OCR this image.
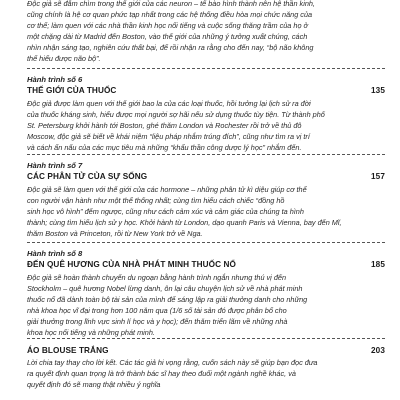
Độc giả sẽ đắm chìm trong thế giới của các neuron – tế bào hình thành nên hệ thần kinh,

cũng chính là hệ cơ quan phức tạp nhất trong các hệ thống điều hòa mọi chức năng của

cơ thể; làm quen với các nhà thần kinh học nổi tiếng và cuộc sống thăng trầm của họ ở

một chặng dài từ Madrid đến Boston, vào thế giới của những ý tưởng xuất chúng, cách

nhìn nhận sáng tạo, nghiên cứu thất bại, để rồi nhận ra rằng cho đến nay, “bộ não không

thể hiểu được não bộ”.

Hành trình số 6

THẾ GIỚI CỦA THUỐC	135

Độc giả được làm quen với thế giới bao la của các loại thuốc, hồi tưởng lại lịch sử ra đời

của thuốc kháng sinh, hiểu được mọi người sợ hãi nếu sử dụng thuốc tùy tiện. Từ thành phố

St. Petersburg khởi hành tới Boston, ghé thăm London và Rochester rồi trở về thủ đô

Moscow, độc giả sẽ biết về khái niệm “liệu pháp nhắm trúng đích”, cũng như tìm ra vị trí

và cách ẩn nấu của các mục tiêu mà những “khẩu thần công dược lý học” nhắm đến.

Hành trình số 7

CÁC PHÂN TỬ CỦA SỰ SỐNG	157

Độc giả sẽ làm quen với thế giới của các hormone – những phân tử kì diệu giúp cơ thể

con người vận hành như một thể thống nhất; cùng tìm hiểu cách chiếc “đồng hồ

sinh học vô hình” đếm ngược, cũng như cách cảm xúc và cảm giác của chúng ta hình

thành; cùng tìm hiểu lịch sử y học. Khởi hành từ London, dạo quanh Paris và Vienna, bay đến Mĩ,

thăm Boston và Princeton, rồi từ New York trở về Nga.

Hành trình số 8

ĐẾN QUÊ HƯƠNG CỦA NHÀ PHÁT MINH THUỐC NỔ	185

Độc giả sẽ hoàn thành chuyến du ngoạn bằng hành trình ngắn nhưng thú vị đến

Stockholm – quê hương Nobel lừng danh, ôn lại câu chuyện lịch sử về nhà phát minh

thuốc nổ đã dành toàn bộ tài sản của mình để sáng lập ra giải thưởng danh cho những

nhà khoa học vĩ đại trong hơn 100 năm qua (1/6 số tài sản đó được phân bổ cho

giải thưởng trong lĩnh vực sinh lí học và y học); đến thăm triển lãm về những nhà

khoa học nổi tiếng và những phát minh.

ÁO BLOUSE TRẮNG	203

Lời chia tay thay cho lời kết. Các tác giả hi vọng rằng, cuốn sách này sẽ giúp bạn đọc đưa

ra quyết định quan trọng là trở thành bác sĩ hay theo đuổi một ngành nghề khác, và

quyết định đó sẽ mang thật nhiều ý nghĩa
